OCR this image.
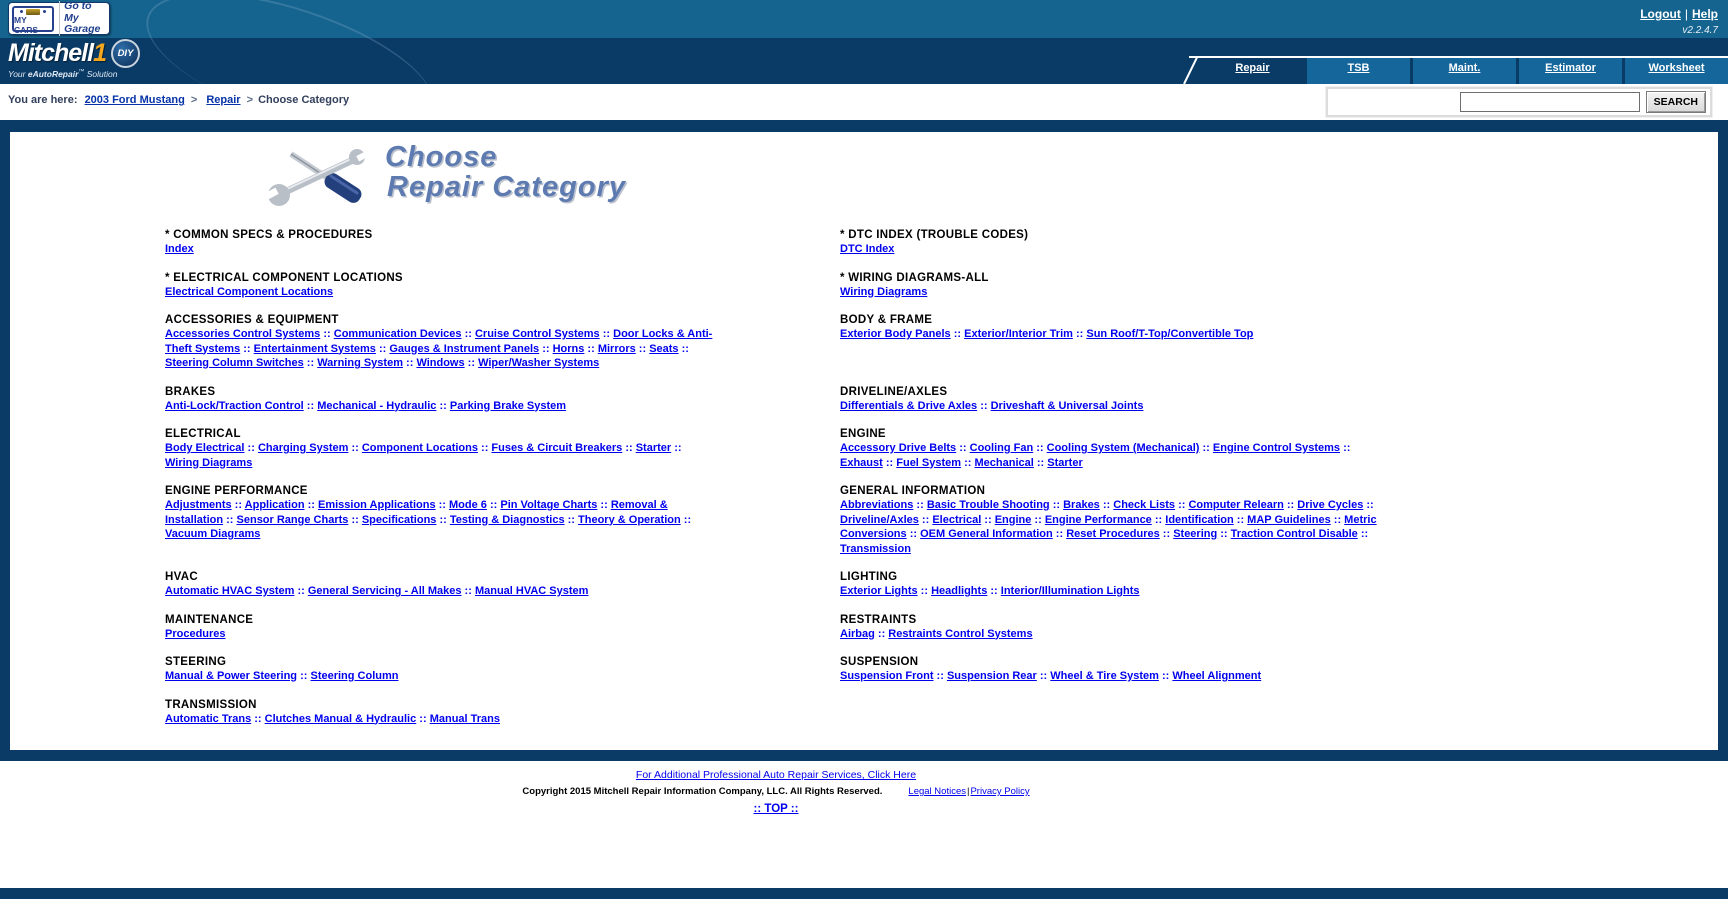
MY CARS
Go to My
Garage
Logout | Help
v2.2.4.7
Mitchell1	DIY
Your eAutoRepair™ Solution	Repair	TSB	Maint.	Estimator	Worksheet
You are here: 2003 Ford Mustang > Repair > Choose Category	SEARCH
Choose
Repair Category
* COMMON SPECS & PROCEDURES
Index
* DTC INDEX (TROUBLE CODES)
DTC Index
* ELECTRICAL COMPONENT LOCATIONS
Electrical Component Locations
* WIRING DIAGRAMS-ALL
Wiring Diagrams
ACCESSORIES & EQUIPMENT
Accessories Control Systems :: Communication Devices :: Cruise Control Systems :: Door Locks & Anti-Theft Systems :: Entertainment Systems :: Gauges & Instrument Panels :: Horns :: Mirrors :: Seats :: Steering Column Switches :: Warning System :: Windows :: Wiper/Washer Systems
BODY & FRAME
Exterior Body Panels :: Exterior/Interior Trim :: Sun Roof/T-Top/Convertible Top
BRAKES
Anti-Lock/Traction Control :: Mechanical - Hydraulic :: Parking Brake System
DRIVELINE/AXLES
Differentials & Drive Axles :: Driveshaft & Universal Joints
ELECTRICAL
Body Electrical :: Charging System :: Component Locations :: Fuses & Circuit Breakers :: Starter :: Wiring Diagrams
ENGINE
Accessory Drive Belts :: Cooling Fan :: Cooling System (Mechanical) :: Engine Control Systems :: Exhaust :: Fuel System :: Mechanical :: Starter
ENGINE PERFORMANCE
Adjustments :: Application :: Emission Applications :: Mode 6 :: Pin Voltage Charts :: Removal & Installation :: Sensor Range Charts :: Specifications :: Testing & Diagnostics :: Theory & Operation :: Vacuum Diagrams
GENERAL INFORMATION
Abbreviations :: Basic Trouble Shooting :: Brakes :: Check Lists :: Computer Relearn :: Drive Cycles :: Driveline/Axles :: Electrical :: Engine :: Engine Performance :: Identification :: MAP Guidelines :: Metric Conversions :: OEM General Information :: Reset Procedures :: Steering :: Traction Control Disable :: Transmission
HVAC
Automatic HVAC System :: General Servicing - All Makes :: Manual HVAC System
LIGHTING
Exterior Lights :: Headlights :: Interior/Illumination Lights
MAINTENANCE
Procedures
RESTRAINTS
Airbag :: Restraints Control Systems
STEERING
Manual & Power Steering :: Steering Column
SUSPENSION
Suspension Front :: Suspension Rear :: Wheel & Tire System :: Wheel Alignment
TRANSMISSION
Automatic Trans :: Clutches Manual & Hydraulic :: Manual Trans
For Additional Professional Auto Repair Services, Click Here
Copyright 2015 Mitchell Repair Information Company, LLC. All Rights Reserved.	Legal Notices|Privacy Policy
:: TOP ::
